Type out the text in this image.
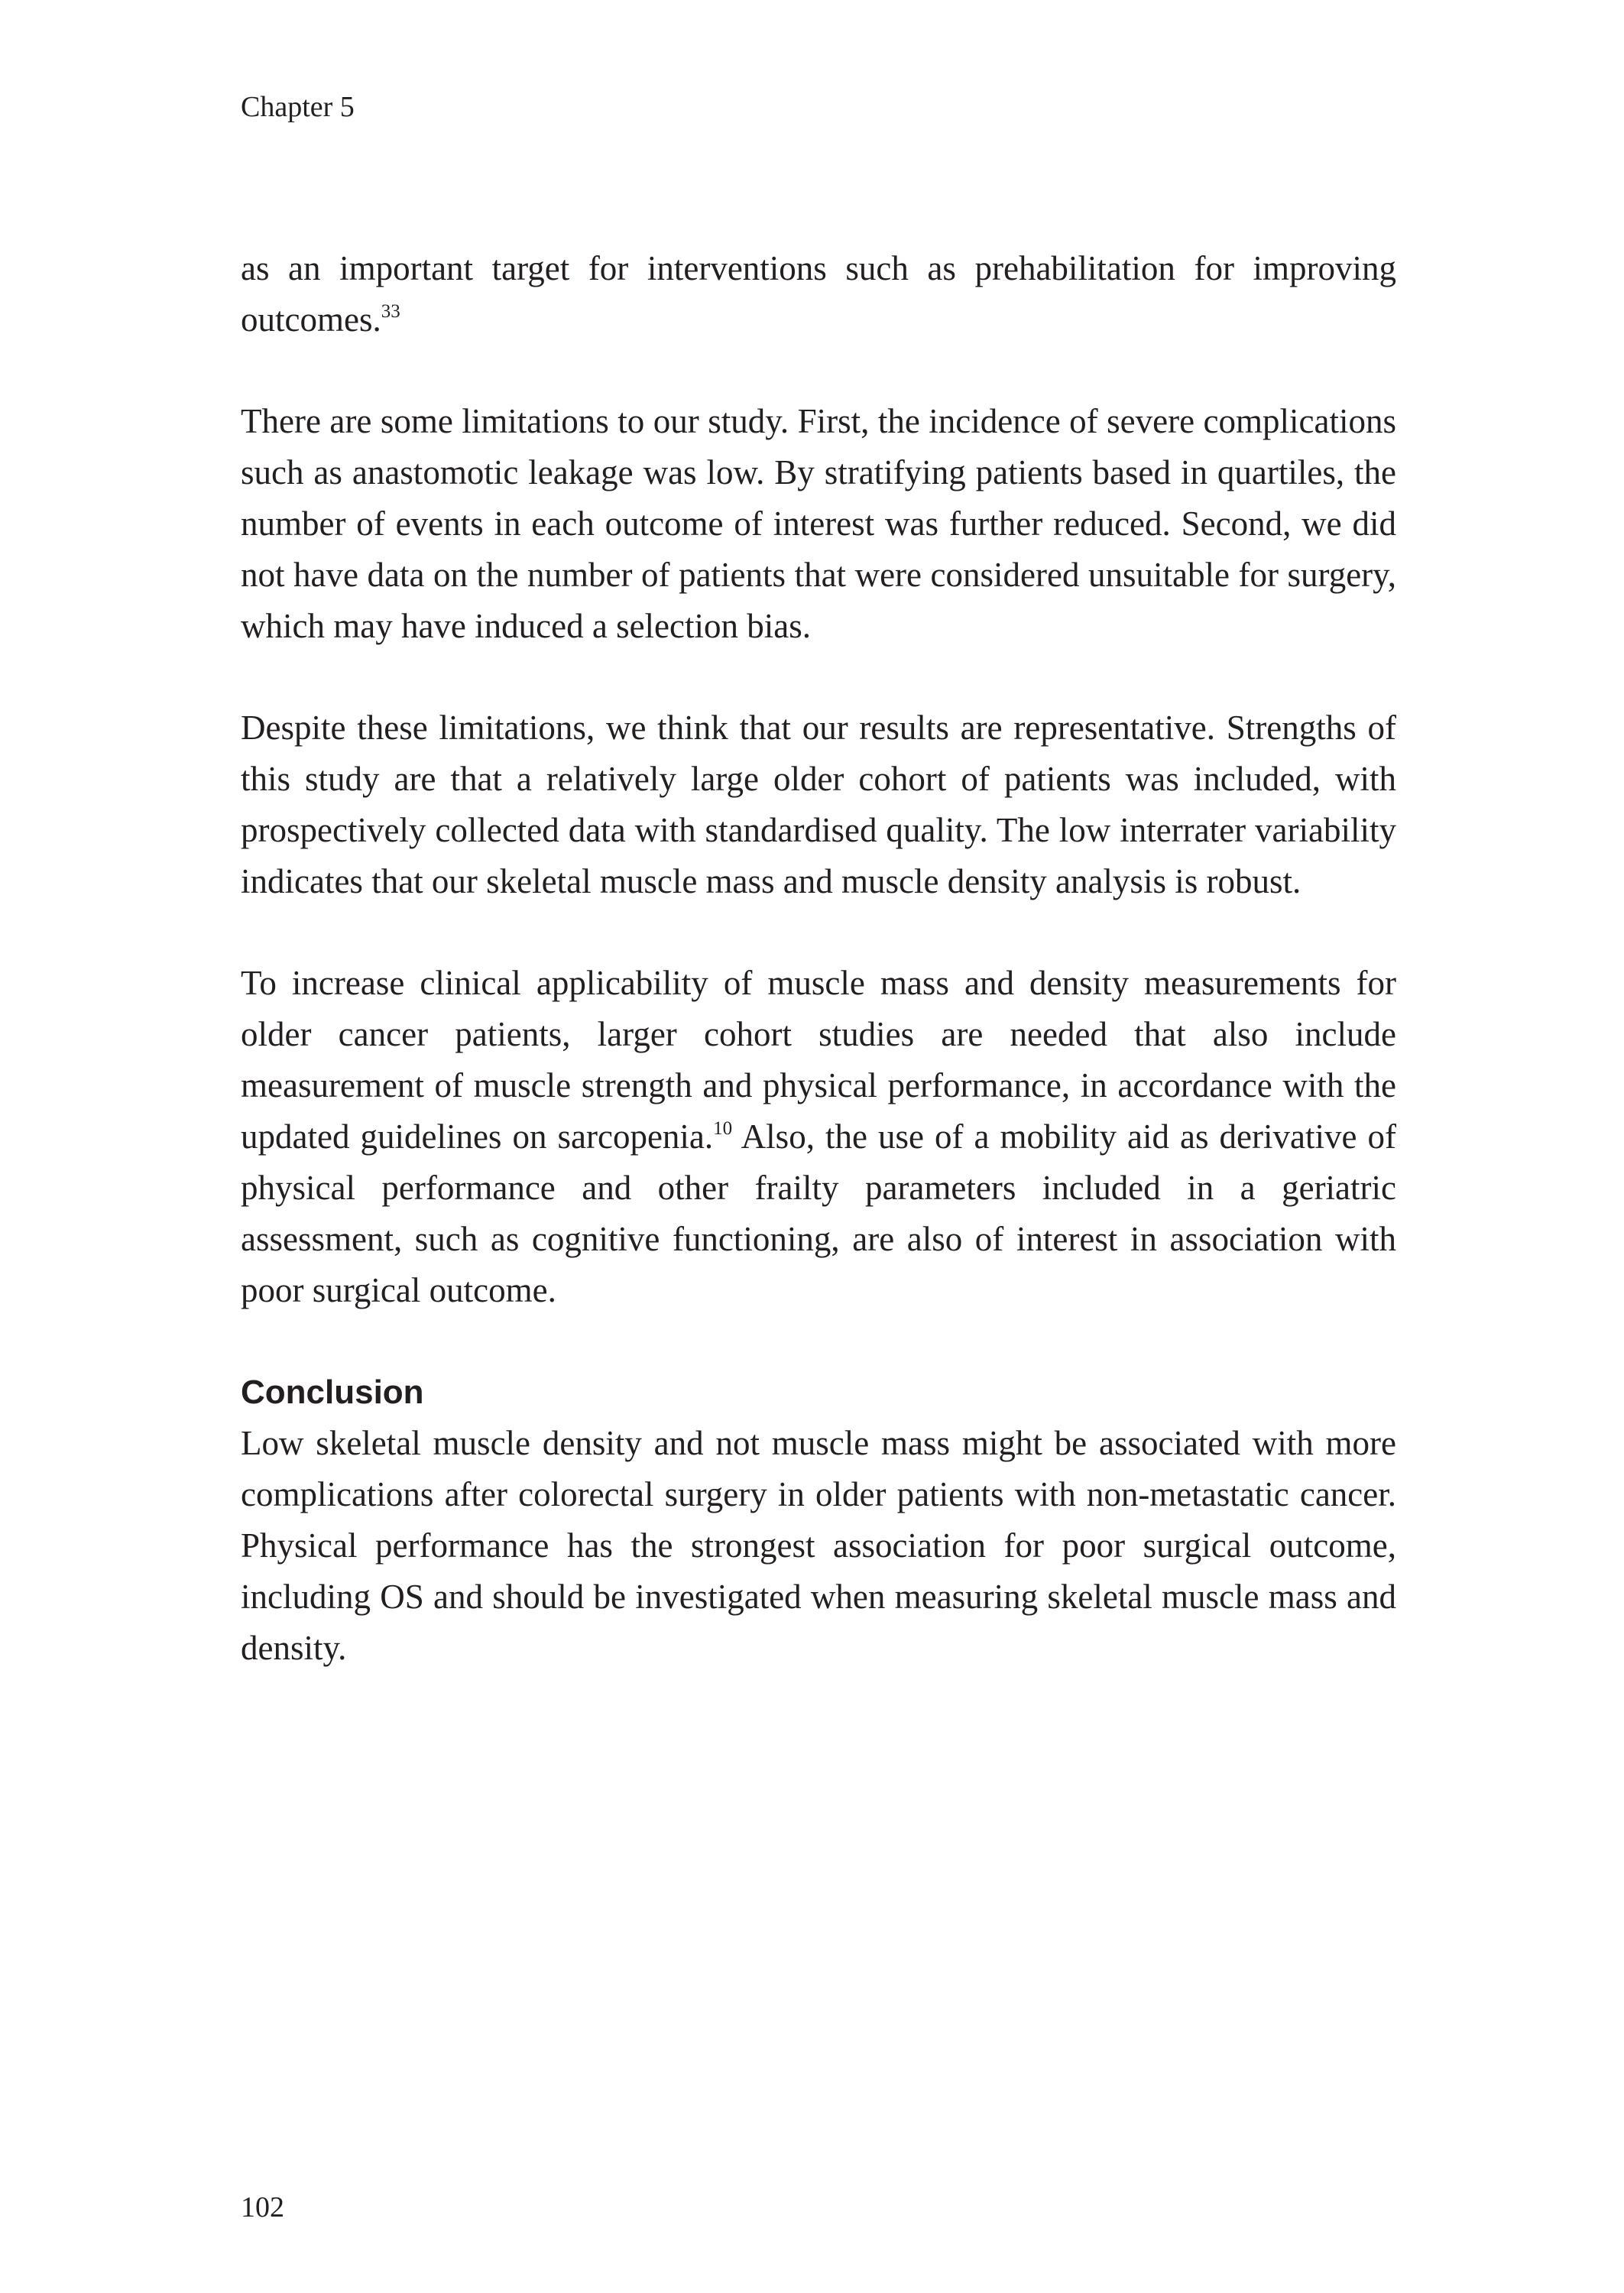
Chapter 5

as an important target for interventions such as prehabilitation for improving outcomes.$^{33}$

There are some limitations to our study. First, the incidence of severe complications such as anastomotic leakage was low. By stratifying patients based in quartiles, the number of events in each outcome of interest was further reduced. Second, we did not have data on the number of patients that were considered unsuitable for surgery, which may have induced a selection bias.

Despite these limitations, we think that our results are representative. Strengths of this study are that a relatively large older cohort of patients was included, with prospectively collected data with standardised quality. The low interrater variability indicates that our skeletal muscle mass and muscle density analysis is robust.

To increase clinical applicability of muscle mass and density measurements for older cancer patients, larger cohort studies are needed that also include measurement of muscle strength and physical performance, in accordance with the updated guidelines on sarcopenia.$^{10}$ Also, the use of a mobility aid as derivative of physical performance and other frailty parameters included in a geriatric assessment, such as cognitive functioning, are also of interest in association with poor surgical outcome.

Conclusion

Low skeletal muscle density and not muscle mass might be associated with more complications after colorectal surgery in older patients with non-metastatic cancer. Physical performance has the strongest association for poor surgical outcome, including OS and should be investigated when measuring skeletal muscle mass and density.

102
